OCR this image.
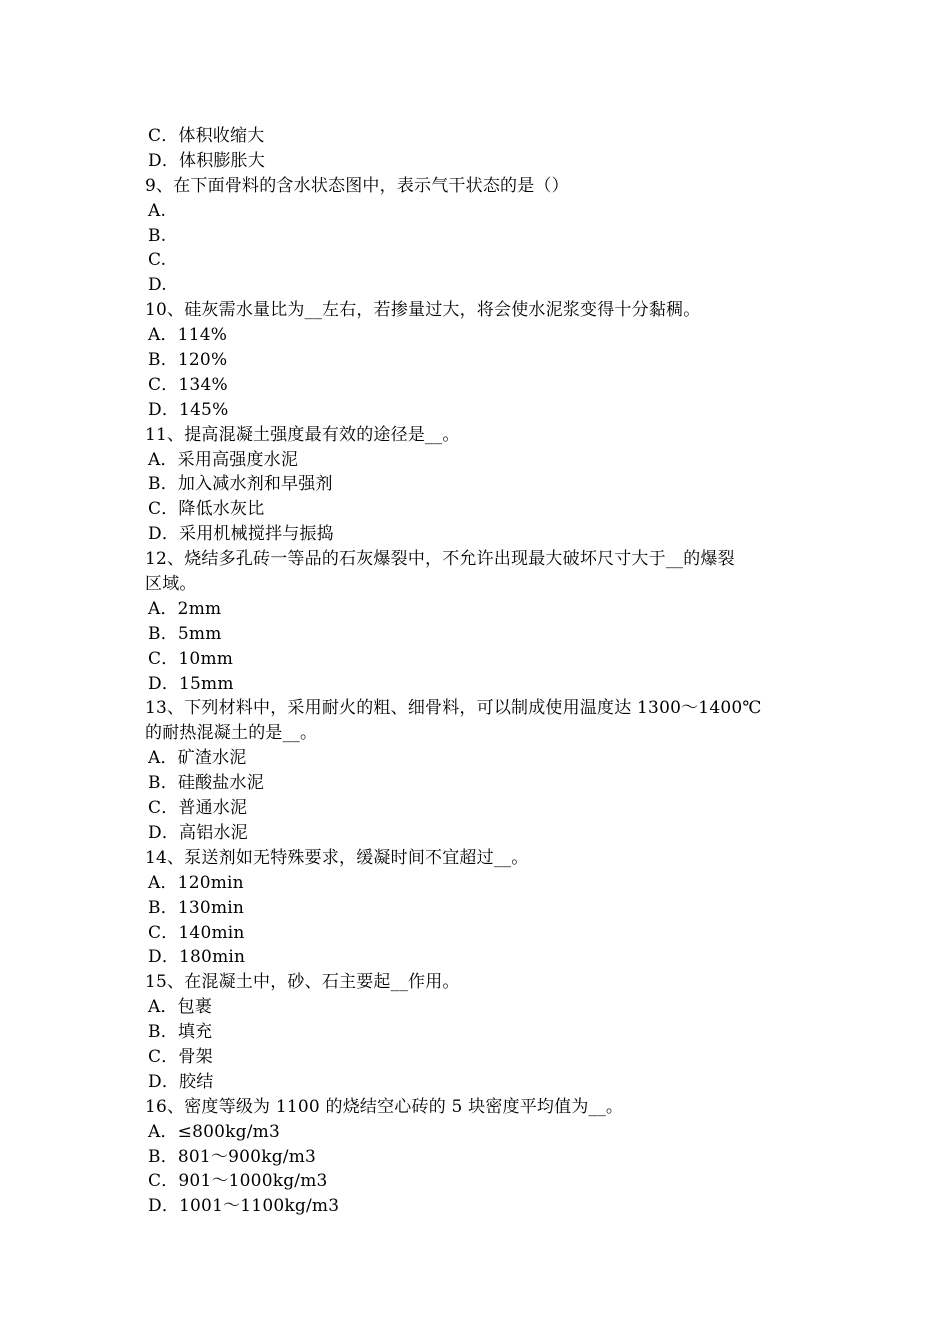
C．体积收缩大
D．体积膨胀大
9、在下面骨料的含水状态图中，表示气干状态的是（）
A.
B.
C.
D.
10、硅灰需水量比为__左右，若掺量过大，将会使水泥浆变得十分黏稠。
A．114%
B．120%
C．134%
D．145%
11、提高混凝土强度最有效的途径是__。
A．采用高强度水泥
B．加入减水剂和早强剂
C．降低水灰比
D．采用机械搅拌与振捣
12、烧结多孔砖一等品的石灰爆裂中，不允许出现最大破坏尺寸大于__的爆裂
区域。
A．2mm
B．5mm
C．10mm
D．15mm
13、下列材料中，采用耐火的粗、细骨料，可以制成使用温度达 1300～1400℃
的耐热混凝土的是__。
A．矿渣水泥
B．硅酸盐水泥
C．普通水泥
D．高铝水泥
14、泵送剂如无特殊要求，缓凝时间不宜超过__。
A．120min
B．130min
C．140min
D．180min
15、在混凝土中，砂、石主要起__作用。
A．包裹
B．填充
C．骨架
D．胶结
16、密度等级为 1100 的烧结空心砖的 5 块密度平均值为__。
A．≤800kg/m3
B．801～900kg/m3
C．901～1000kg/m3
D．1001～1100kg/m3
